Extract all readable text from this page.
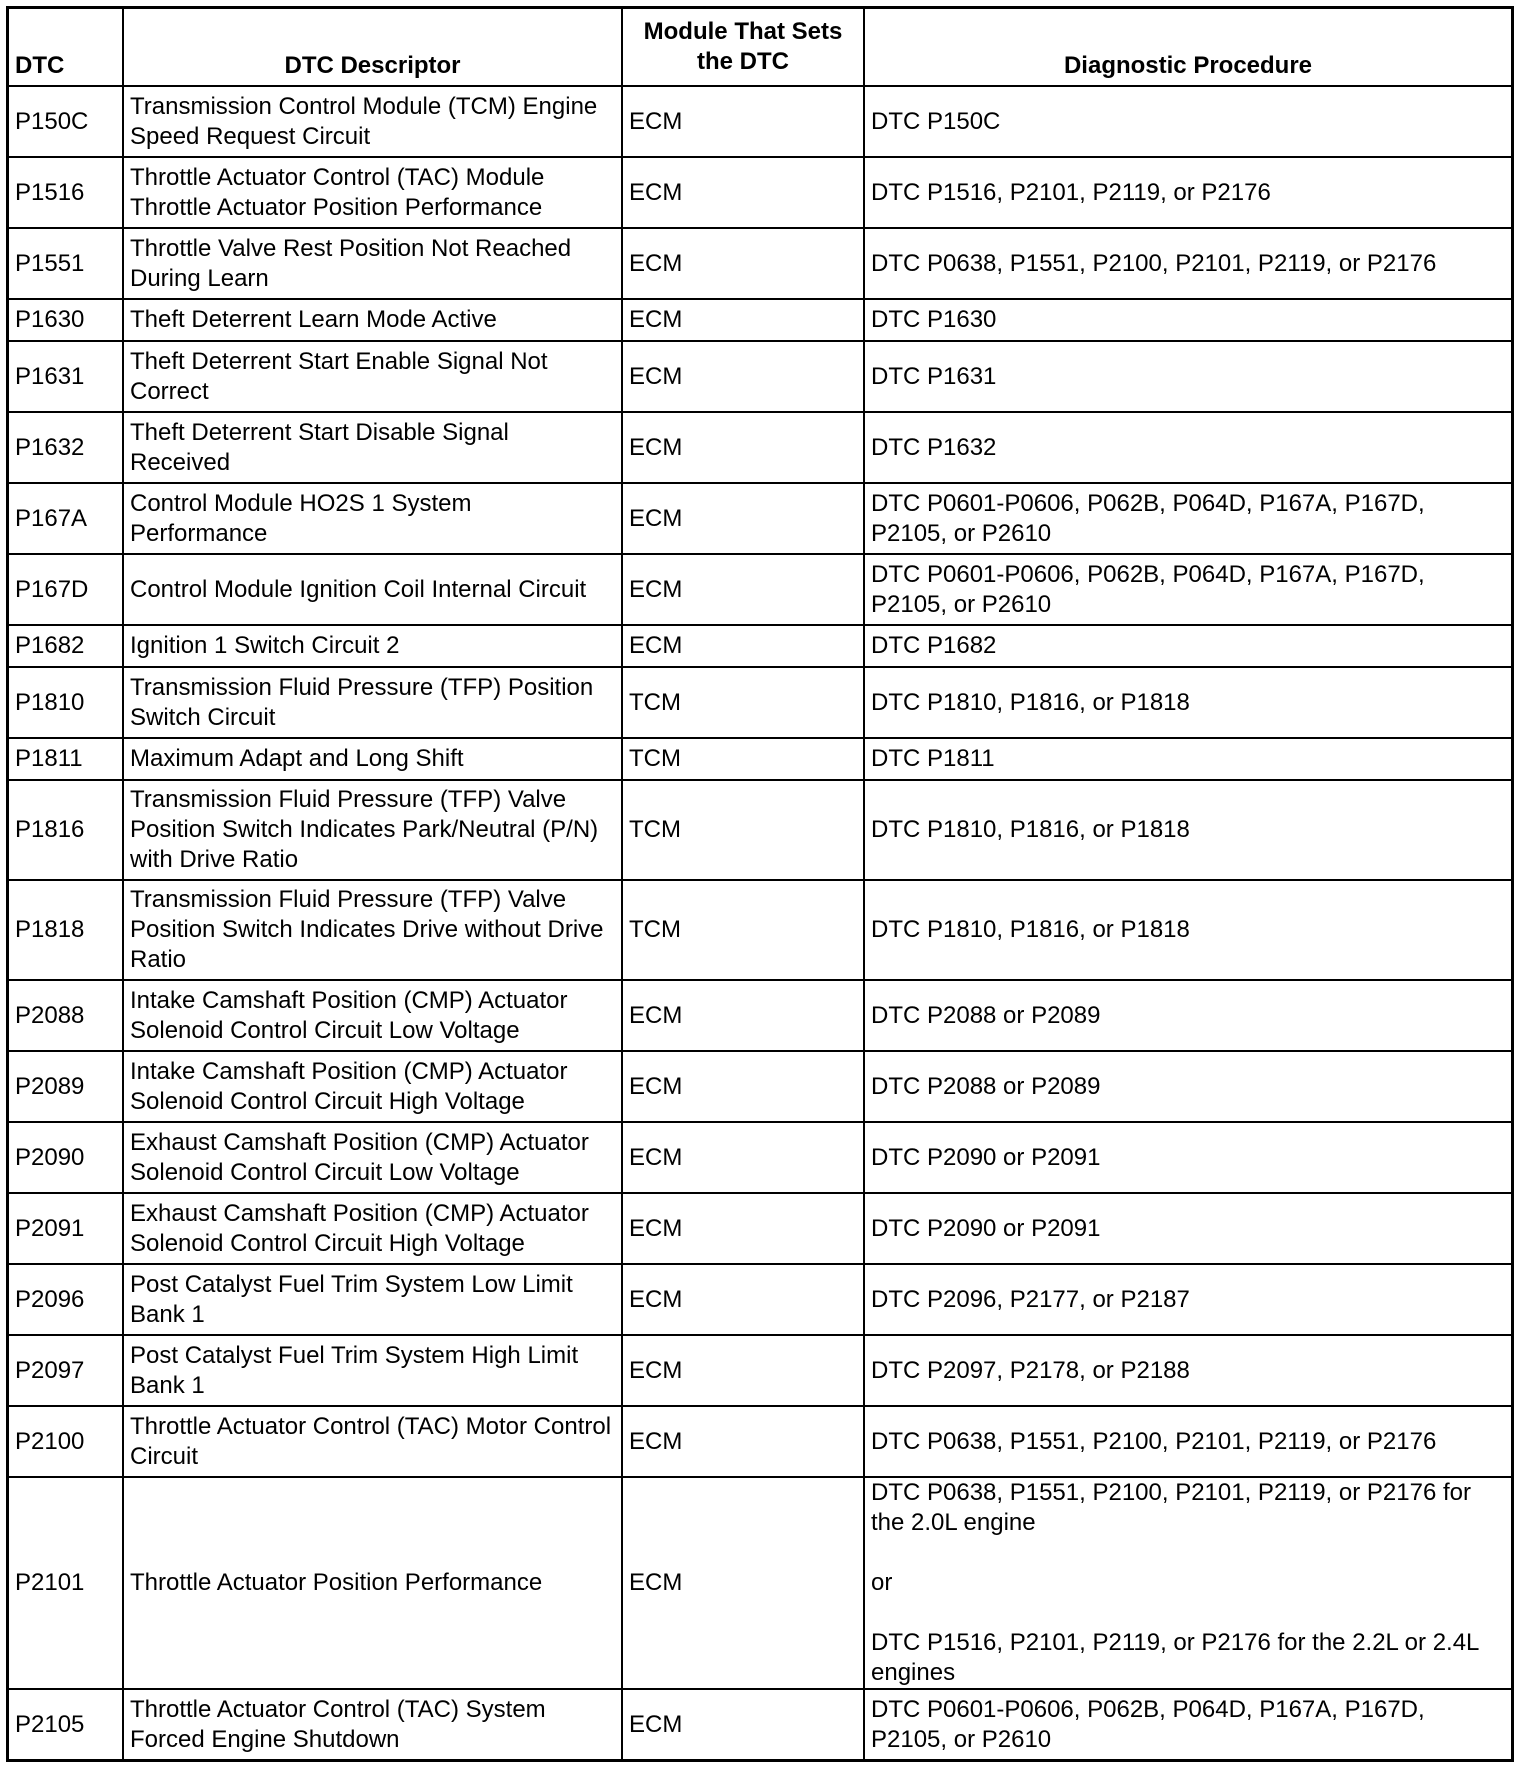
DTC	DTC Descriptor	Module That Sets the DTC	Diagnostic Procedure
P150C	Transmission Control Module (TCM) Engine Speed Request Circuit	ECM	DTC P150C
P1516	Throttle Actuator Control (TAC) Module Throttle Actuator Position Performance	ECM	DTC P1516, P2101, P2119, or P2176
P1551	Throttle Valve Rest Position Not Reached During Learn	ECM	DTC P0638, P1551, P2100, P2101, P2119, or P2176
P1630	Theft Deterrent Learn Mode Active	ECM	DTC P1630
P1631	Theft Deterrent Start Enable Signal Not Correct	ECM	DTC P1631
P1632	Theft Deterrent Start Disable Signal Received	ECM	DTC P1632
P167A	Control Module HO2S 1 System Performance	ECM	DTC P0601-P0606, P062B, P064D, P167A, P167D, P2105, or P2610
P167D	Control Module Ignition Coil Internal Circuit	ECM	DTC P0601-P0606, P062B, P064D, P167A, P167D, P2105, or P2610
P1682	Ignition 1 Switch Circuit 2	ECM	DTC P1682
P1810	Transmission Fluid Pressure (TFP) Position Switch Circuit	TCM	DTC P1810, P1816, or P1818
P1811	Maximum Adapt and Long Shift	TCM	DTC P1811
P1816	Transmission Fluid Pressure (TFP) Valve Position Switch Indicates Park/Neutral (P/N) with Drive Ratio	TCM	DTC P1810, P1816, or P1818
P1818	Transmission Fluid Pressure (TFP) Valve Position Switch Indicates Drive without Drive Ratio	TCM	DTC P1810, P1816, or P1818
P2088	Intake Camshaft Position (CMP) Actuator Solenoid Control Circuit Low Voltage	ECM	DTC P2088 or P2089
P2089	Intake Camshaft Position (CMP) Actuator Solenoid Control Circuit High Voltage	ECM	DTC P2088 or P2089
P2090	Exhaust Camshaft Position (CMP) Actuator Solenoid Control Circuit Low Voltage	ECM	DTC P2090 or P2091
P2091	Exhaust Camshaft Position (CMP) Actuator Solenoid Control Circuit High Voltage	ECM	DTC P2090 or P2091
P2096	Post Catalyst Fuel Trim System Low Limit Bank 1	ECM	DTC P2096, P2177, or P2187
P2097	Post Catalyst Fuel Trim System High Limit Bank 1	ECM	DTC P2097, P2178, or P2188
P2100	Throttle Actuator Control (TAC) Motor Control Circuit	ECM	DTC P0638, P1551, P2100, P2101, P2119, or P2176
P2101	Throttle Actuator Position Performance	ECM	DTC P0638, P1551, P2100, P2101, P2119, or P2176 for the 2.0L engine

or

DTC P1516, P2101, P2119, or P2176 for the 2.2L or 2.4L engines
P2105	Throttle Actuator Control (TAC) System Forced Engine Shutdown	ECM	DTC P0601-P0606, P062B, P064D, P167A, P167D, P2105, or P2610
